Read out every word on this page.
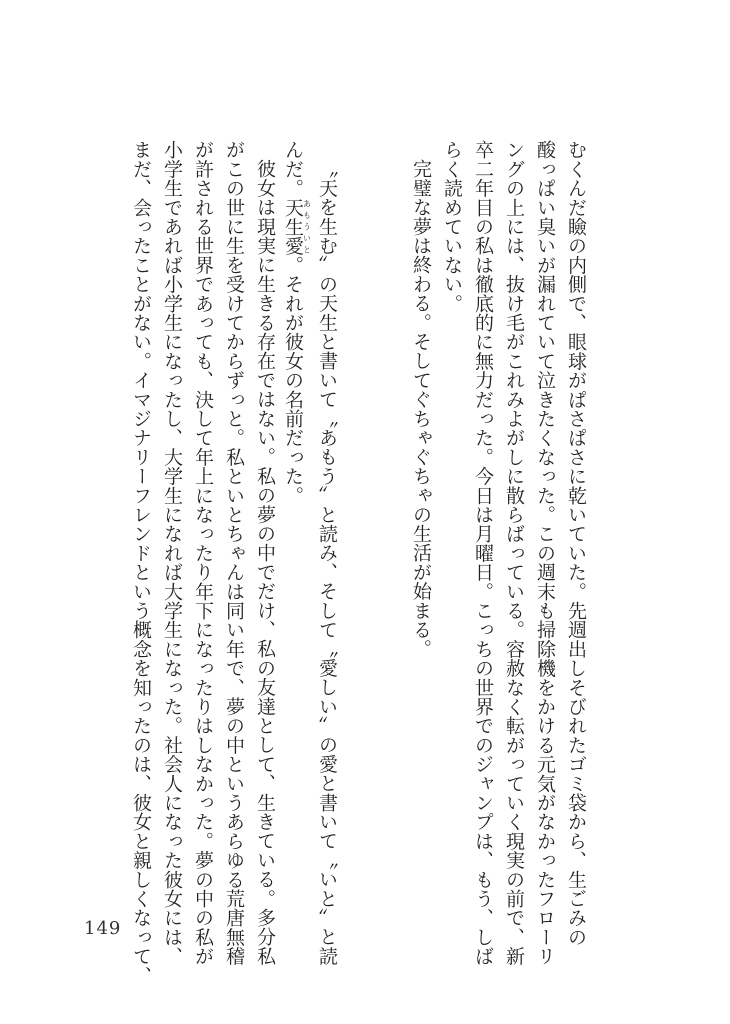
むくんだ瞼の内側で、眼球がぱさぱさに乾いていた。先週出しそびれたゴミ袋から、生ごみの
酸っぱい臭いが漏れていて泣きたくなった。この週末も掃除機をかける元気がなかったフローリ
ングの上には、抜け毛がこれみよがしに散らばっている。容赦なく転がっていく現実の前で、新
卒二年目の私は徹底的に無力だった。今日は月曜日。こっちの世界でのジャンプは、もう、しば
らく読めていない。
完璧な夢は終わる。そしてぐちゃぐちゃの生活が始まる。
〝天を生む〟の天生と書いて〝あもう〟と読み、そして〝愛しい〟の愛と書いて〝いと〟と読
んだ。天生愛あもういと。それが彼女の名前だった。
彼女は現実に生きる存在ではない。私の夢の中でだけ、私の友達として、生きている。多分私
がこの世に生を受けてからずっと。私といとちゃんは同い年で、夢の中というあらゆる荒唐無稽
が許される世界であっても、決して年上になったり年下になったりはしなかった。夢の中の私が
小学生であれば小学生になったし、大学生になれば大学生になった。社会人になった彼女には、
まだ、会ったことがない。イマジナリーフレンドという概念を知ったのは、彼女と親しくなって、
149
